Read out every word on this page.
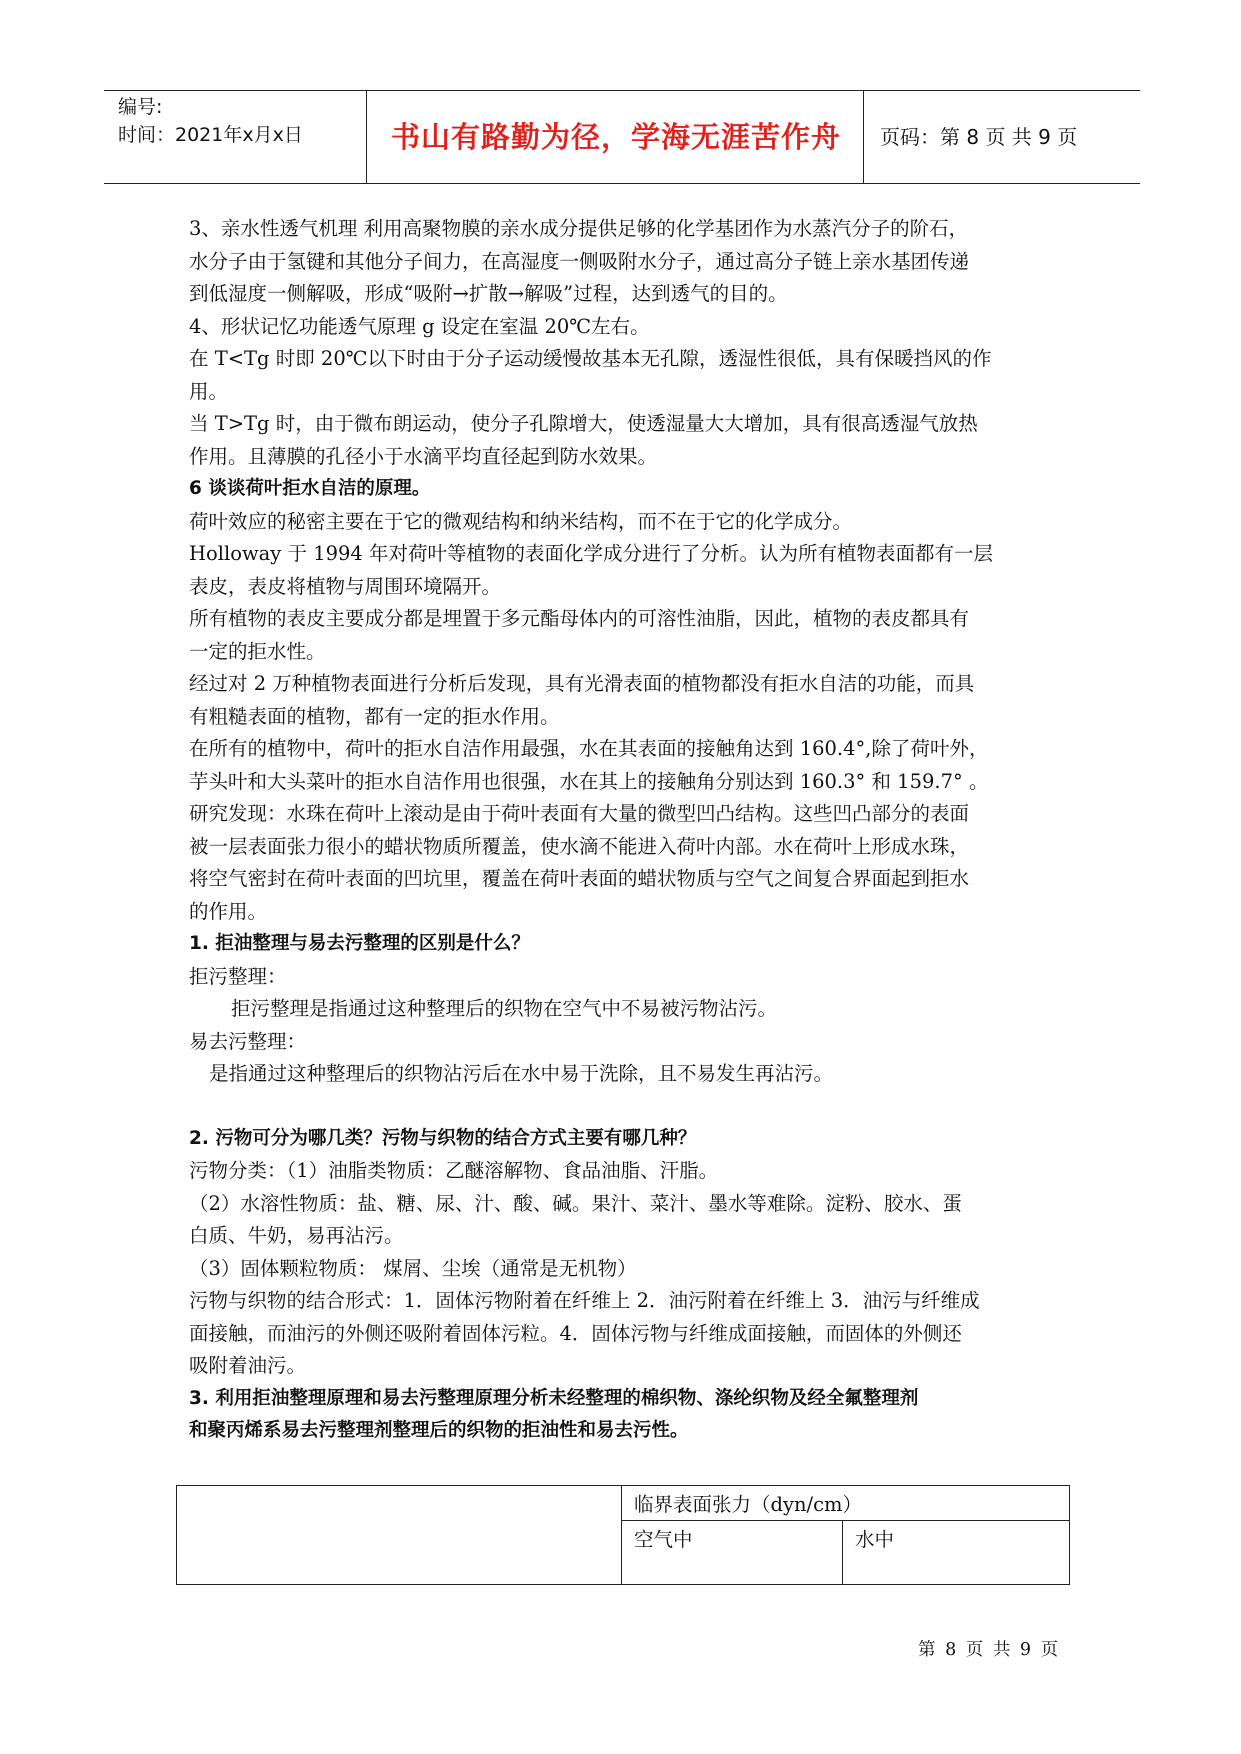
编号:
时间：2021年x月x日	书山有路勤为径，学海无涯苦作舟	页码：第 8 页 共 9 页

3、亲水性透气机理 利用高聚物膜的亲水成分提供足够的化学基团作为水蒸汽分子的阶石，

水分子由于氢键和其他分子间力，在高湿度一侧吸附水分子，通过高分子链上亲水基团传递

到低湿度一侧解吸，形成“吸附→扩散→解吸”过程，达到透气的目的。

4、形状记忆功能透气原理 g 设定在室温 20℃左右。

在 T<Tg 时即 20℃以下时由于分子运动缓慢故基本无孔隙，透湿性很低，具有保暖挡风的作

用。

当 T>Tg 时，由于微布朗运动，使分子孔隙增大，使透湿量大大增加，具有很高透湿气放热

作用。且薄膜的孔径小于水滴平均直径起到防水效果。

6 谈谈荷叶拒水自洁的原理。

荷叶效应的秘密主要在于它的微观结构和纳米结构，而不在于它的化学成分。

Holloway 于 1994 年对荷叶等植物的表面化学成分进行了分析。认为所有植物表面都有一层

表皮，表皮将植物与周围环境隔开。

所有植物的表皮主要成分都是埋置于多元酯母体内的可溶性油脂，因此，植物的表皮都具有

一定的拒水性。

经过对 2 万种植物表面进行分析后发现，具有光滑表面的植物都没有拒水自洁的功能，而具

有粗糙表面的植物，都有一定的拒水作用。

在所有的植物中，荷叶的拒水自洁作用最强，水在其表面的接触角达到 160.4°,除了荷叶外，

芋头叶和大头菜叶的拒水自洁作用也很强，水在其上的接触角分别达到 160.3° 和 159.7° 。

研究发现：水珠在荷叶上滚动是由于荷叶表面有大量的微型凹凸结构。这些凹凸部分的表面

被一层表面张力很小的蜡状物质所覆盖，使水滴不能进入荷叶内部。水在荷叶上形成水珠，

将空气密封在荷叶表面的凹坑里，覆盖在荷叶表面的蜡状物质与空气之间复合界面起到拒水

的作用。

1. 拒油整理与易去污整理的区别是什么？

拒污整理：

拒污整理是指通过这种整理后的织物在空气中不易被污物沾污。

易去污整理：

是指通过这种整理后的织物沾污后在水中易于洗除，且不易发生再沾污。

2. 污物可分为哪几类？污物与织物的结合方式主要有哪几种？

污物分类：（1）油脂类物质：乙醚溶解物、食品油脂、汗脂。

（2）水溶性物质：盐、糖、尿、汁、酸、碱。果汁、菜汁、墨水等难除。淀粉、胶水、蛋

白质、牛奶，易再沾污。

（3）固体颗粒物质： 煤屑、尘埃（通常是无机物）

污物与织物的结合形式：1．固体污物附着在纤维上 2．油污附着在纤维上 3．油污与纤维成

面接触，而油污的外侧还吸附着固体污粒。4．固体污物与纤维成面接触，而固体的外侧还

吸附着油污。

3. 利用拒油整理原理和易去污整理原理分析未经整理的棉织物、涤纶织物及经全氟整理剂

和聚丙烯系易去污整理剂整理后的织物的拒油性和易去污性。

	临界表面张力（dyn/cm）	
	空气中	水中
第 8 页 共 9 页
